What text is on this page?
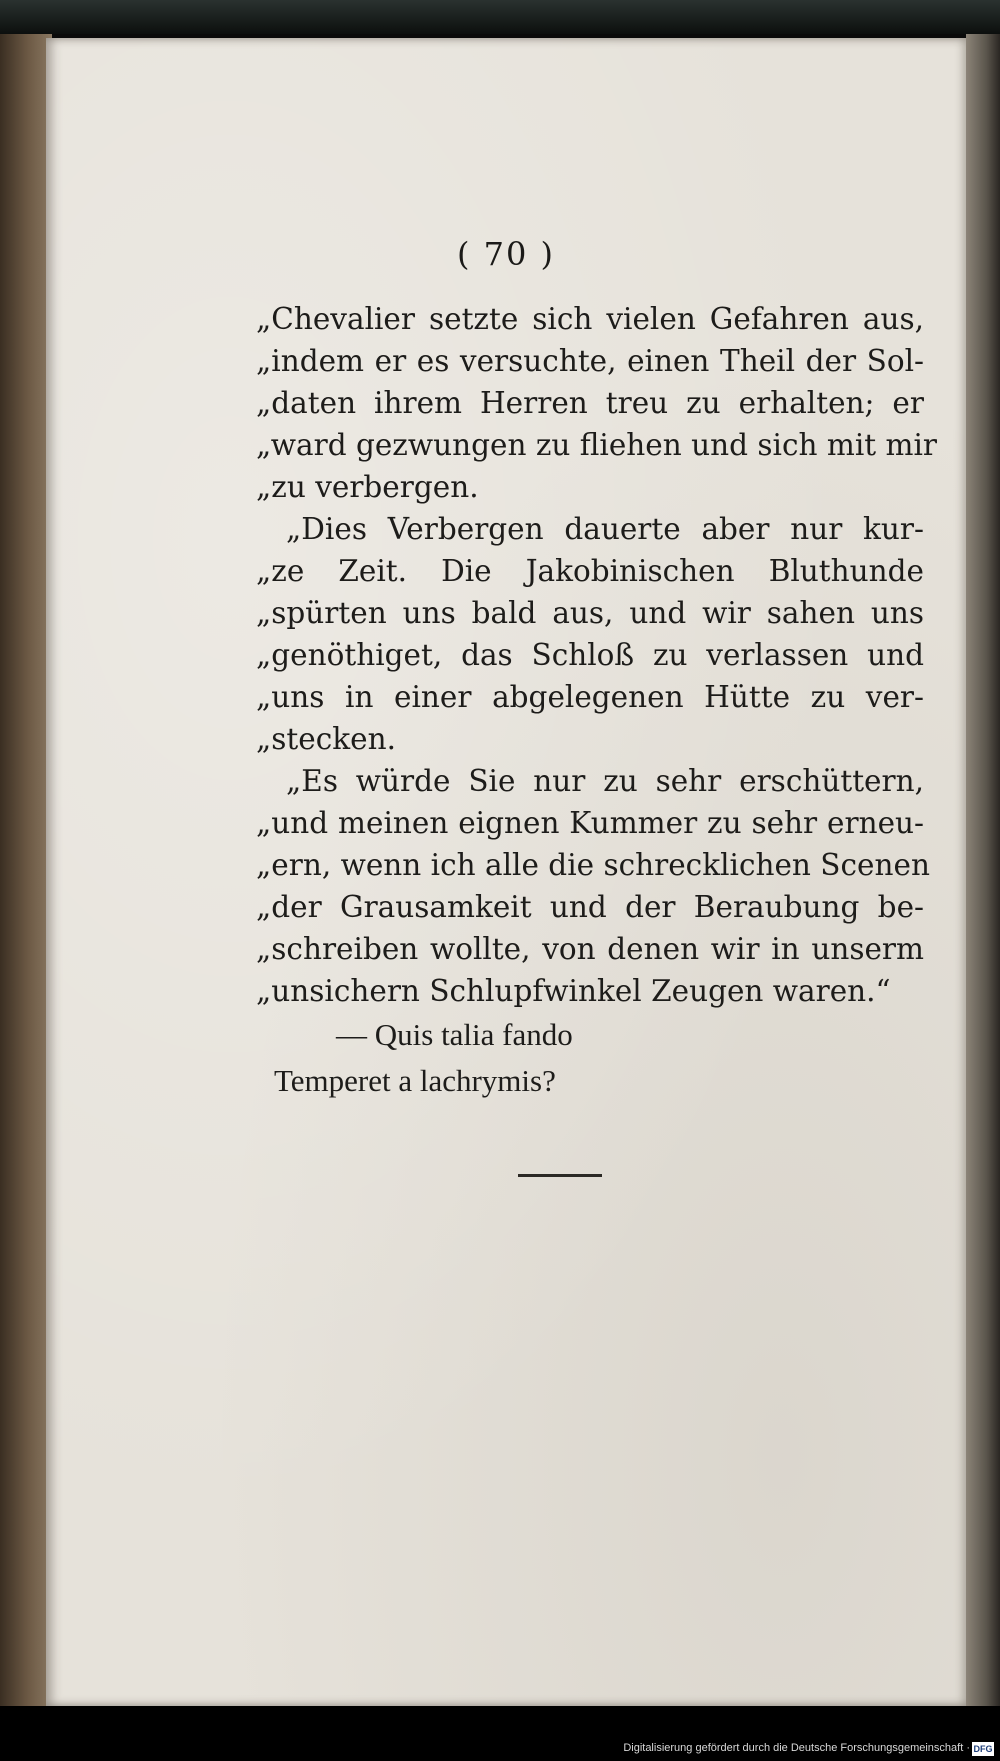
( 70 )
„Chevalier setzte sich vielen Gefahren aus,
„indem er es versuchte, einen Theil der Sol-
„daten ihrem Herren treu zu erhalten; er
„ward gezwungen zu fliehen und sich mit mir
„zu verbergen.
„Dies Verbergen dauerte aber nur kur-
„ze Zeit. Die Jakobinischen Bluthunde
„spürten uns bald aus, und wir sahen uns
„genöthiget, das Schloß zu verlassen und
„uns in einer abgelegenen Hütte zu ver-
„stecken.
„Es würde Sie nur zu sehr erschüttern,
„und meinen eignen Kummer zu sehr erneu-
„ern, wenn ich alle die schrecklichen Scenen
„der Grausamkeit und der Beraubung be-
„schreiben wollte, von denen wir in unserm
„unsichern Schlupfwinkel Zeugen waren.“
— Quis talia fando
Temperet a lachrymis?
Digitalisierung gefördert durch die Deutsche Forschungsgemeinschaft · DFG
